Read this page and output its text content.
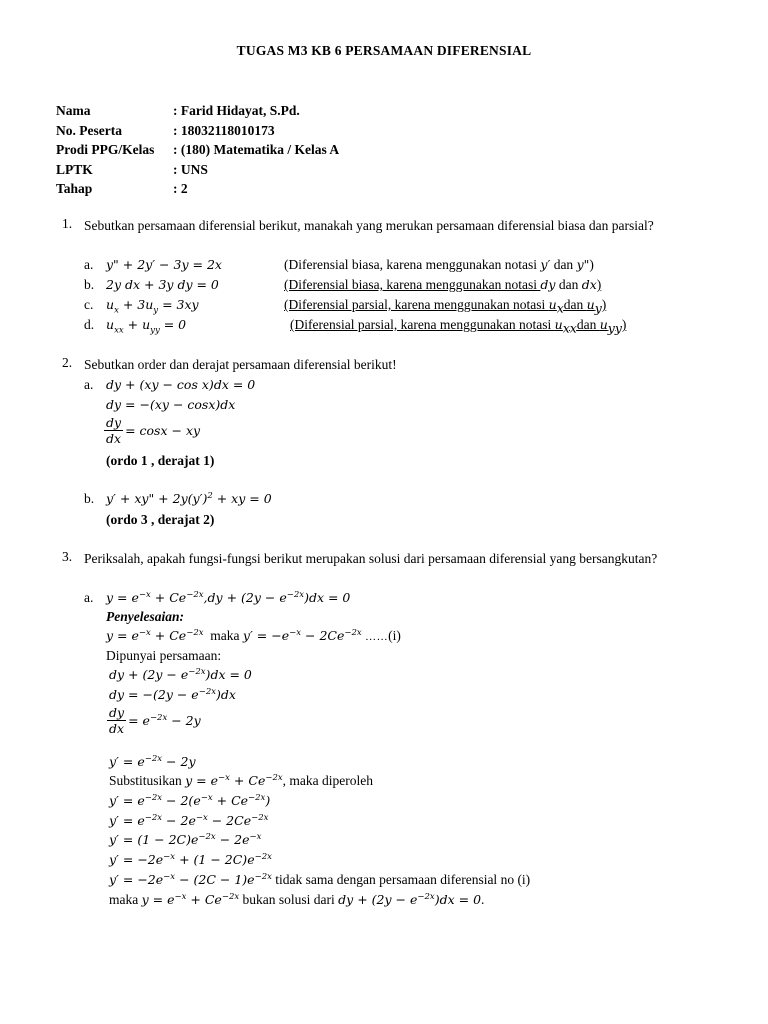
TUGAS M3 KB 6 PERSAMAAN DIFERENSIAL
Nama	: Farid Hidayat, S.Pd.
No. Peserta	: 18032118010173
Prodi PPG/Kelas	: (180) Matematika / Kelas A
LPTK	: UNS
Tahap	: 2
1. Sebutkan persamaan diferensial berikut, manakah yang merukan persamaan diferensial biasa dan parsial?
a. y" + 2y′ − 3y = 2x	(Diferensial biasa, karena menggunakan notasi y′ dan y")
b. 2y dx + 3y dy = 0	(Diferensial biasa, karena menggunakan notasi dy dan dx)
c. $u_x + 3u_y = 3xy$	(Diferensial parsial, karena menggunakan notasi $u_xdan$ $u_y$)
d. $u_{xx} + u_{yy} = 0$	(Diferensial parsial, karena menggunakan notasi $u_{xx}dan$ $u_{yy}$)
2. Sebutkan order dan derajat persamaan diferensial berikut!
a. dy + (xy − cos x)dx = 0
dy = −(xy − cosx)dx
$\frac{dy}{dx} = \cos x$ − xy
(ordo 1 , derajat 1)
b. y′ + xy" + $2y(y')^2$ + xy = 0
(ordo 3 , derajat 2)
3. Periksalah, apakah fungsi-fungsi berikut merupakan solusi dari persamaan diferensial yang bersangkutan?
a. $y = e^{-x} + Ce^{-2x},dy + (2y - e^{-2x})dx = 0$
Penyelesaian:
$y = e^{-x} + Ce^{-2x}$ maka $y' = -e^{-x} - 2Ce^{-2x}$ ……(i)
Dipunyai persamaan:
dy + $(2y - e^{-2x})dx = 0$
dy = $-(2y - e^{-2x})dx$
$\frac{dy}{dx} = e^{-2x} - 2y$
$y' = e^{-2x} - 2y$
Substitusikan $y = e^{-x} + Ce^{-2x}$, maka diperoleh
$y' = e^{-2x} - 2(e^{-x} + Ce^{-2x})$
$y' = e^{-2x} - 2e^{-x} - 2Ce^{-2x}$
$y' = (1 - 2C)e^{-2x} - 2e^{-x}$
$y' = -2e^{-x} + (1 - 2C)e^{-2x}$
$y' = -2e^{-x} - (2C - 1)e^{-2x}$ tidak sama dengan persamaan diferensial no (i)
maka $y = e^{-x} + Ce^{-2x}$ bukan solusi dari dy + $(2y - e^{-2x})dx = 0$.
